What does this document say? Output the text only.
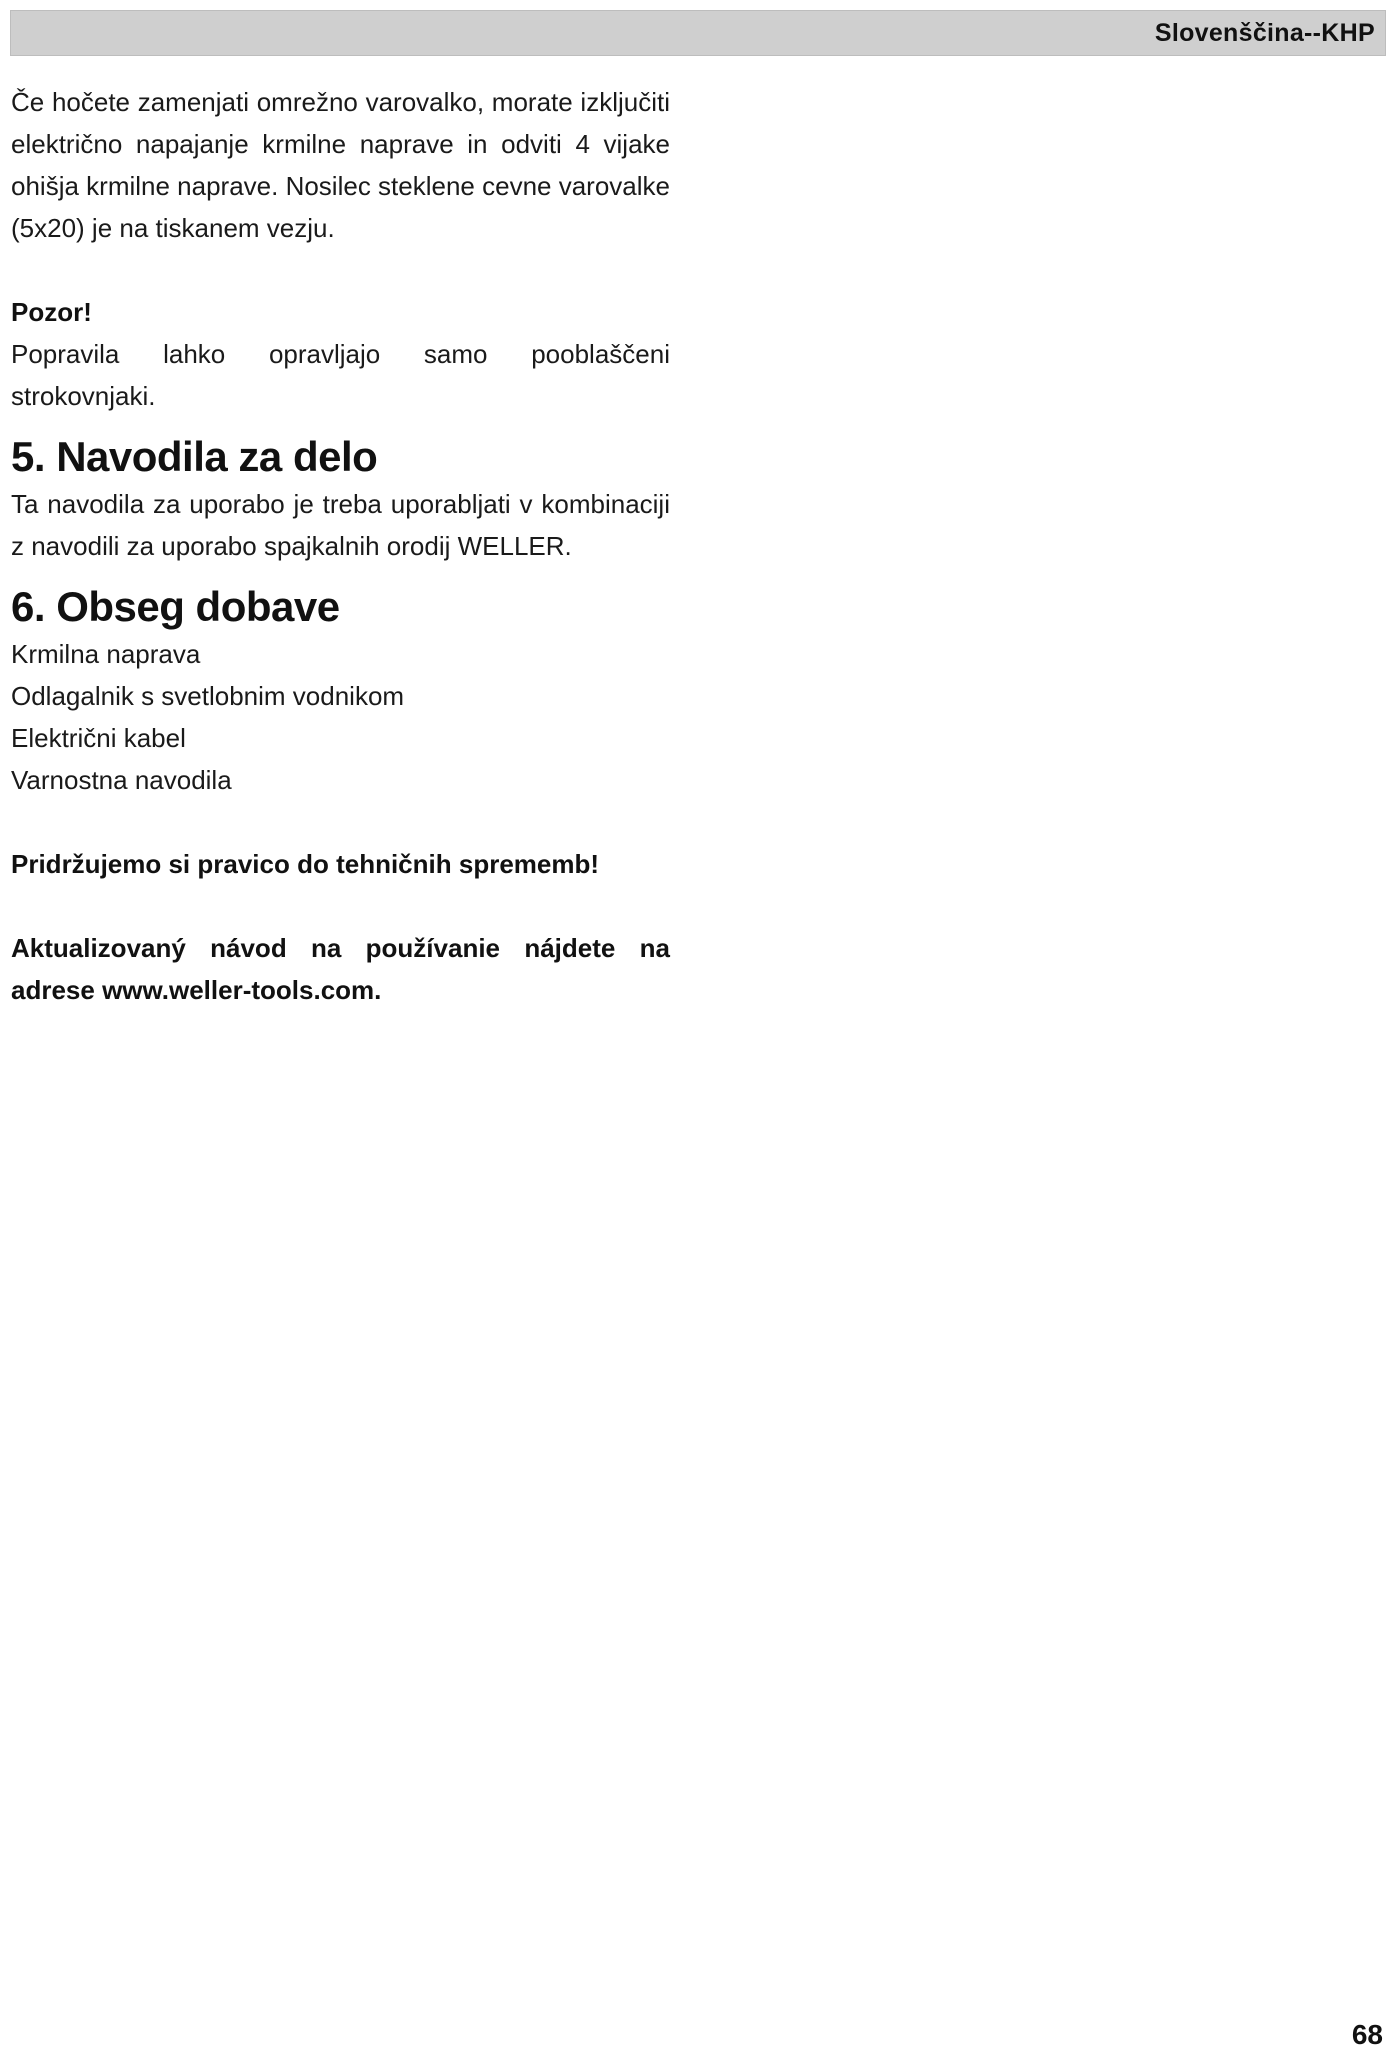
Slovenščina--KHP

Če hočete zamenjati omrežno varovalko, morate izključiti električno napajanje krmilne naprave in odviti 4 vijake ohišja krmilne naprave. Nosilec steklene cevne varovalke (5x20) je na tiskanem vezju.

Pozor!

Popravila lahko opravljajo samo pooblaščeni strokovnjaki.

5. Navodila za delo

Ta navodila za uporabo je treba uporabljati v kombinaciji z navodili za uporabo spajkalnih orodij WELLER.

6. Obseg dobave
Krmilna naprava
Odlagalnik s svetlobnim vodnikom
Električni kabel
Varnostna navodila

Pridržujemo si pravico do tehničnih sprememb!

Aktualizovaný návod na používanie nájdete na adrese www.weller-tools.com.

68
